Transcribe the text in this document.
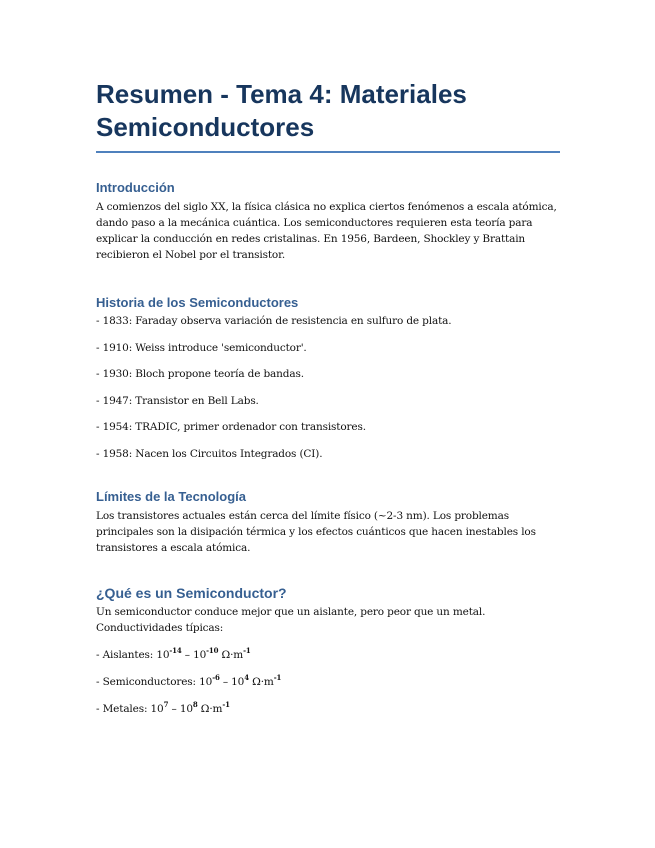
Resumen - Tema 4: Materiales Semiconductores
Introducción

A comienzos del siglo XX, la física clásica no explica ciertos fenómenos a escala atómica, dando paso a la mecánica cuántica. Los semiconductores requieren esta teoría para explicar la conducción en redes cristalinas. En 1956, Bardeen, Shockley y Brattain recibieron el Nobel por el transistor.

Historia de los Semiconductores
- 1833: Faraday observa variación de resistencia en sulfuro de plata.
- 1910: Weiss introduce 'semiconductor'.
- 1930: Bloch propone teoría de bandas.
- 1947: Transistor en Bell Labs.
- 1954: TRADIC, primer ordenador con transistores.
- 1958: Nacen los Circuitos Integrados (CI).
Límites de la Tecnología

Los transistores actuales están cerca del límite físico (~2-3 nm). Los problemas principales son la disipación térmica y los efectos cuánticos que hacen inestables los transistores a escala atómica.

¿Qué es un Semiconductor?

Un semiconductor conduce mejor que un aislante, pero peor que un metal. Conductividades típicas:

- Aislantes: $10^{-14} - 10^{-10}$ $\Omega\cdot m^{-1}$
- Semiconductores: $10^{-6} - 10^4$ $\Omega\cdot m^{-1}$
- Metales: $10^7 - 10^8$ $\Omega\cdot m^{-1}$
